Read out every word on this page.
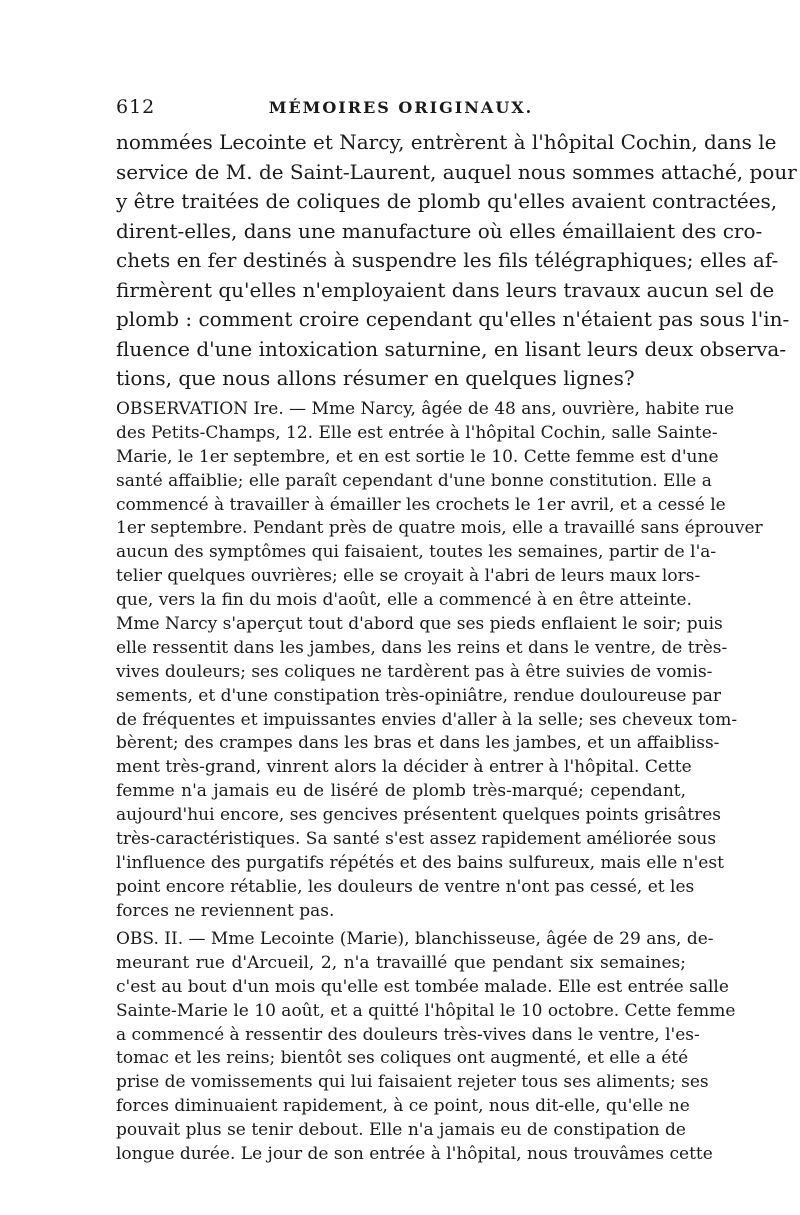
612	MÉMOIRES ORIGINAUX.
nommées Lecointe et Narcy, entrèrent à l'hôpital Cochin, dans le
service de M. de Saint-Laurent, auquel nous sommes attaché, pour
y être traitées de coliques de plomb qu'elles avaient contractées,
dirent-elles, dans une manufacture où elles émaillaient des cro-
chets en fer destinés à suspendre les fils télégraphiques; elles af-
firmèrent qu'elles n'employaient dans leurs travaux aucun sel de
plomb : comment croire cependant qu'elles n'étaient pas sous l'in-
fluence d'une intoxication saturnine, en lisant leurs deux observa-
tions, que nous allons résumer en quelques lignes?
OBSERVATION Ire. — Mme Narcy, âgée de 48 ans, ouvrière, habite rue
des Petits-Champs, 12. Elle est entrée à l'hôpital Cochin, salle Sainte-
Marie, le 1er septembre, et en est sortie le 10. Cette femme est d'une
santé affaiblie; elle paraît cependant d'une bonne constitution. Elle a
commencé à travailler à émailler les crochets le 1er avril, et a cessé le
1er septembre. Pendant près de quatre mois, elle a travaillé sans éprouver
aucun des symptômes qui faisaient, toutes les semaines, partir de l'a-
telier quelques ouvrières; elle se croyait à l'abri de leurs maux lors-
que, vers la fin du mois d'août, elle a commencé à en être atteinte.
Mme Narcy s'aperçut tout d'abord que ses pieds enflaient le soir; puis
elle ressentit dans les jambes, dans les reins et dans le ventre, de très-
vives douleurs; ses coliques ne tardèrent pas à être suivies de vomis-
sements, et d'une constipation très-opiniâtre, rendue douloureuse par
de fréquentes et impuissantes envies d'aller à la selle; ses cheveux tom-
bèrent; des crampes dans les bras et dans les jambes, et un affaibliss-
ment très-grand, vinrent alors la décider à entrer à l'hôpital. Cette
femme n'a jamais eu de liséré de plomb très-marqué; cependant,
aujourd'hui encore, ses gencives présentent quelques points grisâtres
très-caractéristiques. Sa santé s'est assez rapidement améliorée sous
l'influence des purgatifs répétés et des bains sulfureux, mais elle n'est
point encore rétablie, les douleurs de ventre n'ont pas cessé, et les
forces ne reviennent pas.
OBS. II. — Mme Lecointe (Marie), blanchisseuse, âgée de 29 ans, de-
meurant rue d'Arcueil, 2, n'a travaillé que pendant six semaines;
c'est au bout d'un mois qu'elle est tombée malade. Elle est entrée salle
Sainte-Marie le 10 août, et a quitté l'hôpital le 10 octobre. Cette femme
a commencé à ressentir des douleurs très-vives dans le ventre, l'es-
tomac et les reins; bientôt ses coliques ont augmenté, et elle a été
prise de vomissements qui lui faisaient rejeter tous ses aliments; ses
forces diminuaient rapidement, à ce point, nous dit-elle, qu'elle ne
pouvait plus se tenir debout. Elle n'a jamais eu de constipation de
longue durée. Le jour de son entrée à l'hôpital, nous trouvâmes cette
